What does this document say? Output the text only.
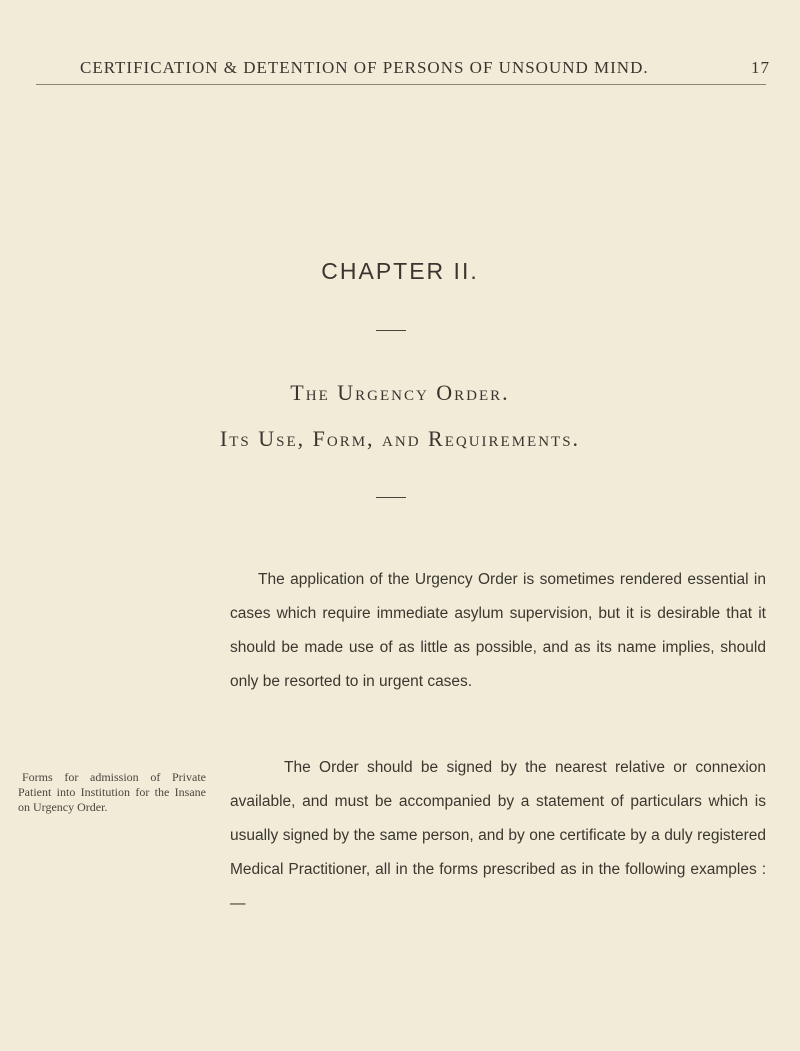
CERTIFICATION & DETENTION OF PERSONS OF UNSOUND MIND.	17
CHAPTER II.
The Urgency Order.
Its Use, Form, and Requirements.

The application of the Urgency Order is sometimes rendered essential in cases which require immediate asylum supervision, but it is desirable that it should be made use of as little as possible, and as its name implies, should only be resorted to in urgent cases.

Forms for admission of Private Patient into Institution for the Insane on Urgency Order.

The Order should be signed by the nearest relative or connexion available, and must be accompanied by a statement of particulars which is usually signed by the same person, and by one certificate by a duly registered Medical Practitioner, all in the forms prescribed as in the following examples :—
